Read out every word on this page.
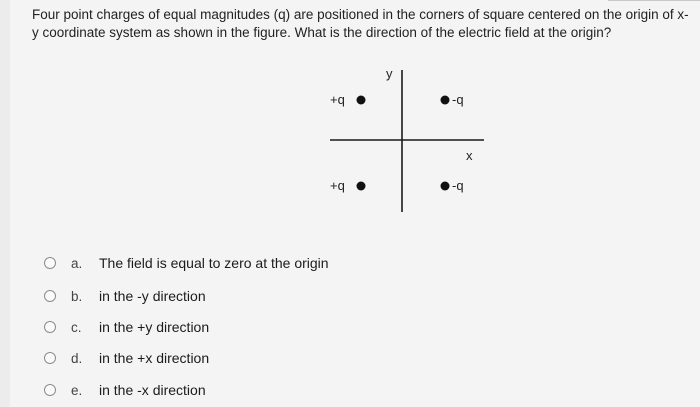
Four point charges of equal magnitudes (q) are positioned in the corners of square centered on the origin of x-y coordinate system as shown in the figure. What is the direction of the electric field at the origin?
y
x
+q	-q
+q	-q
a.	The field is equal to zero at the origin
b.	in the -y direction
c.	in the +y direction
d.	in the +x direction
e.	in the -x direction
